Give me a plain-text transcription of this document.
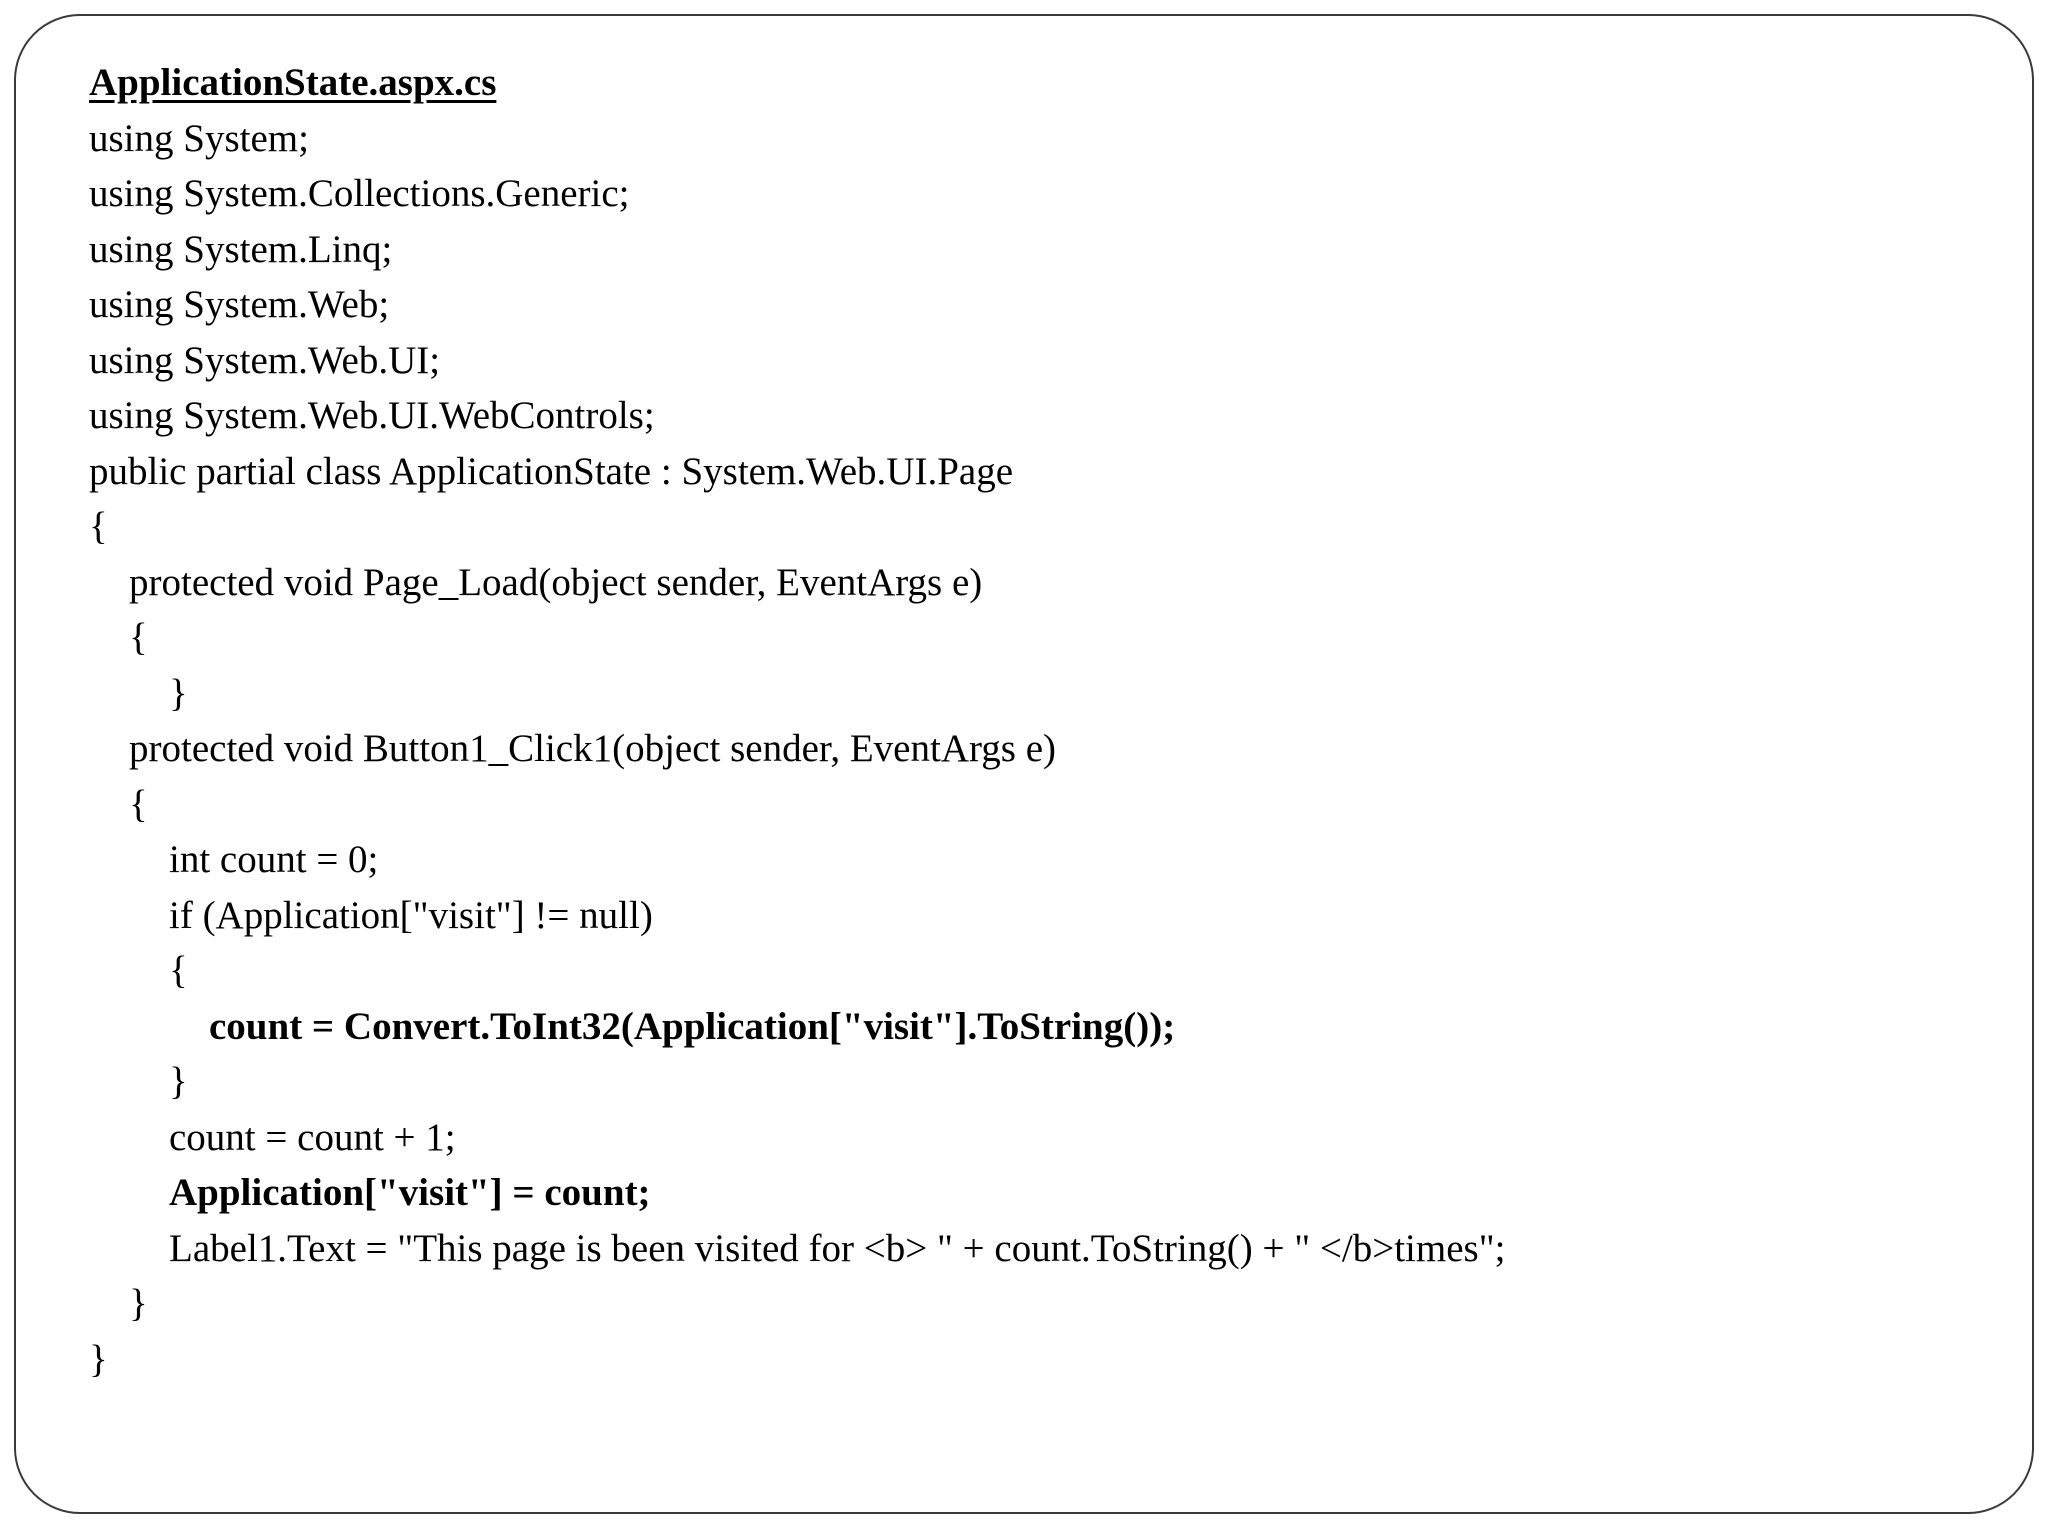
ApplicationState.aspx.cs
using System;
using System.Collections.Generic;
using System.Linq;
using System.Web;
using System.Web.UI;
using System.Web.UI.WebControls;
public partial class ApplicationState : System.Web.UI.Page
{
protected void Page_Load(object sender, EventArgs e)
{
}
protected void Button1_Click1(object sender, EventArgs e)
{
int count = 0;
if (Application["visit"] != null)
{
count = Convert.ToInt32(Application["visit"].ToString());
}
count = count + 1;
Application["visit"] = count;
Label1.Text = "This page is been visited for <b> " + count.ToString() + " </b>times";
}
}
